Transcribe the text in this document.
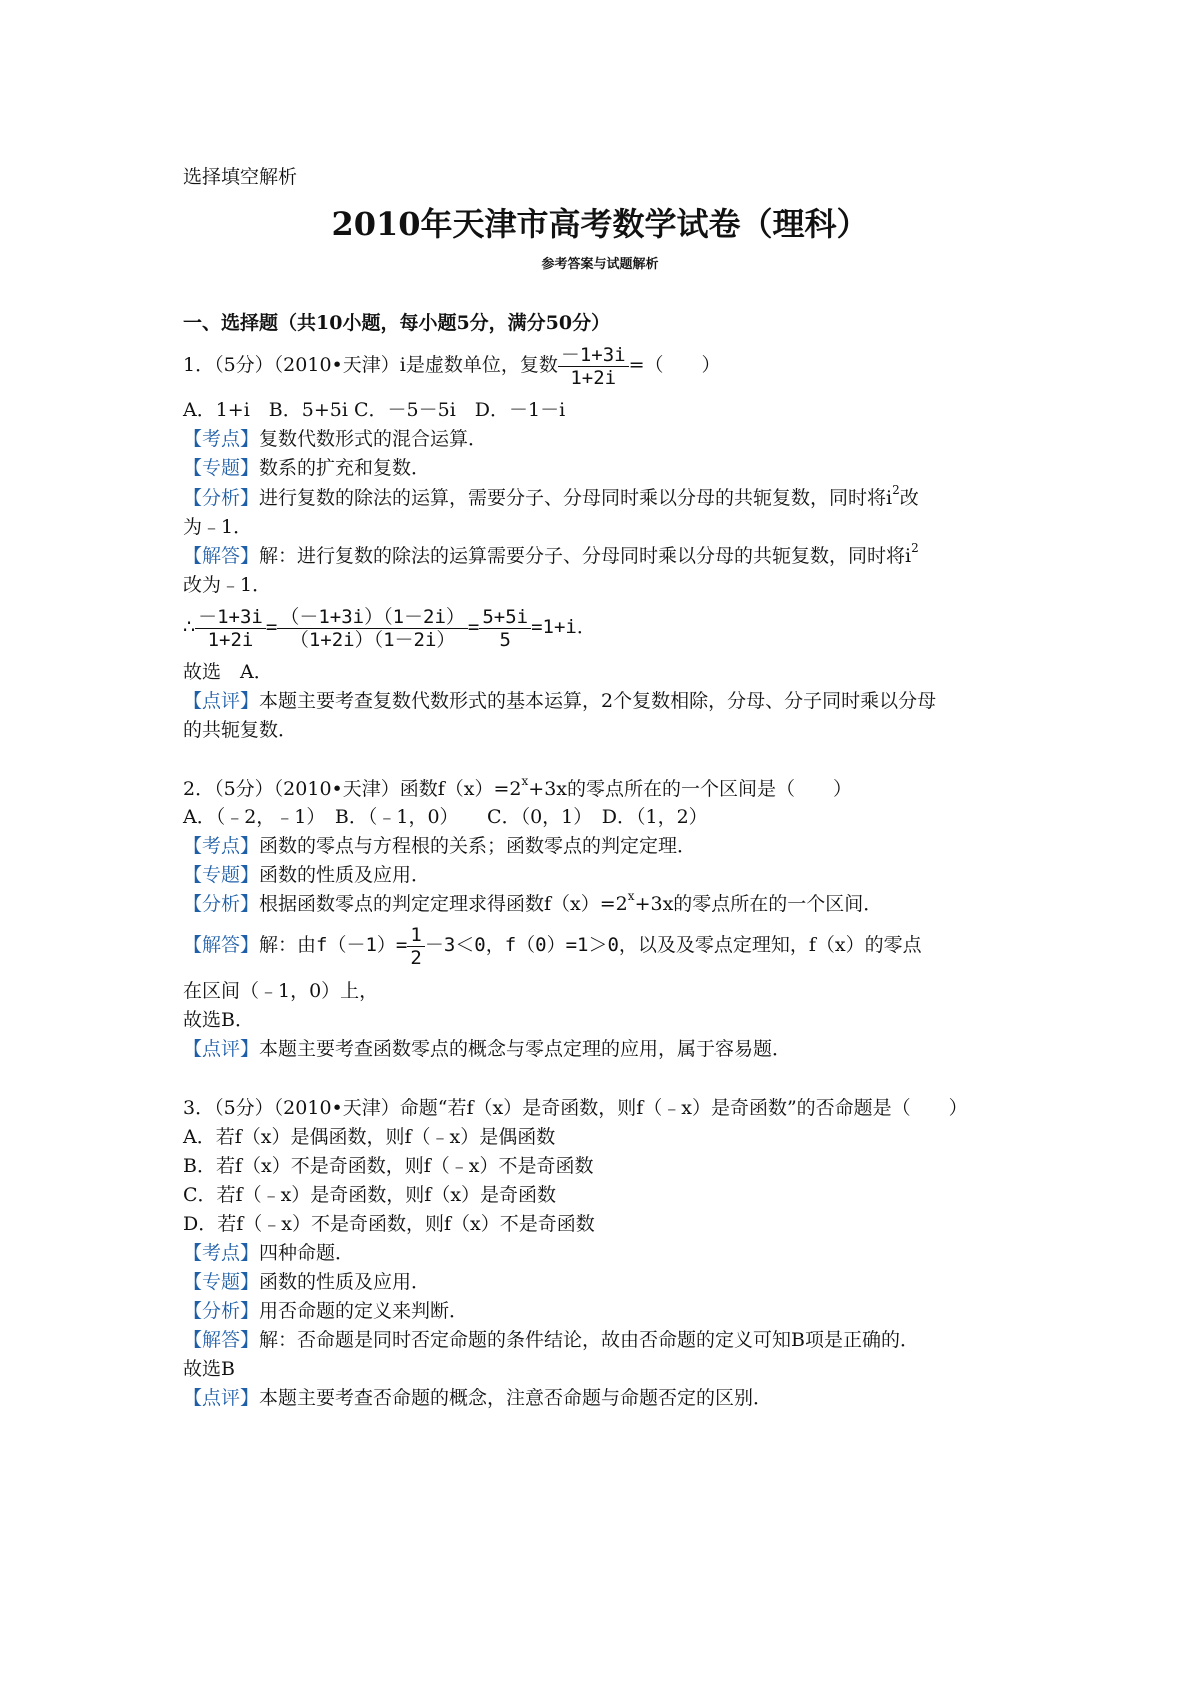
选择填空解析
2010年天津市高考数学试卷（理科）
参考答案与试题解析
一、选择题（共10小题，每小题5分，满分50分）
1．（5分）（2010•天津）i是虚数单位，复数 $\frac{-1+3i}{1+2i}$ =（　　）
A．1+i　B．5+5i C．－5－5i　D．－1－i
【考点】复数代数形式的混合运算．
【专题】数系的扩充和复数．
【分析】进行复数的除法的运算，需要分子、分母同时乘以分母的共轭复数，同时将$i^2$改
为﹣1．
【解答】解：进行复数的除法的运算需要分子、分母同时乘以分母的共轭复数，同时将$i^2$
改为﹣1．
∴ $\frac{-1+3i}{1+2i} = \frac{(-1+3i)(1-2i)}{(1+2i)(1-2i)} = \frac{5+5i}{5} =1+i$．
故选　A．
【点评】本题主要考查复数代数形式的基本运算，2个复数相除，分母、分子同时乘以分母
的共轭复数．
2．（5分）（2010•天津）函数$f(x)=2^x+3x$的零点所在的一个区间是（　　）
A．（﹣2，﹣1）　B．（﹣1，0）　　C．（0，1）　D．（1，2）
【考点】函数的零点与方程根的关系；函数零点的判定定理．
【专题】函数的性质及应用．
【分析】根据函数零点的判定定理求得函数$f(x)=2^x+3x$的零点所在的一个区间．
【解答】解：由$f(-1)= \frac{1}{2} -3<0$，f（0）=1＞0，以及及零点定理知，f（x）的零点
在区间（﹣1，0）上，
故选B．
【点评】本题主要考查函数零点的概念与零点定理的应用，属于容易题．
3．（5分）（2010•天津）命题“若f（x）是奇函数，则f（﹣x）是奇函数”的否命题是（　　）
A．若f（x）是偶函数，则f（﹣x）是偶函数
B．若f（x）不是奇函数，则f（﹣x）不是奇函数
C．若f（﹣x）是奇函数，则f（x）是奇函数
D．若f（﹣x）不是奇函数，则f（x）不是奇函数
【考点】四种命题．
【专题】函数的性质及应用．
【分析】用否命题的定义来判断．
【解答】解：否命题是同时否定命题的条件结论，故由否命题的定义可知B项是正确的．
故选B
【点评】本题主要考查否命题的概念，注意否命题与命题否定的区别．
